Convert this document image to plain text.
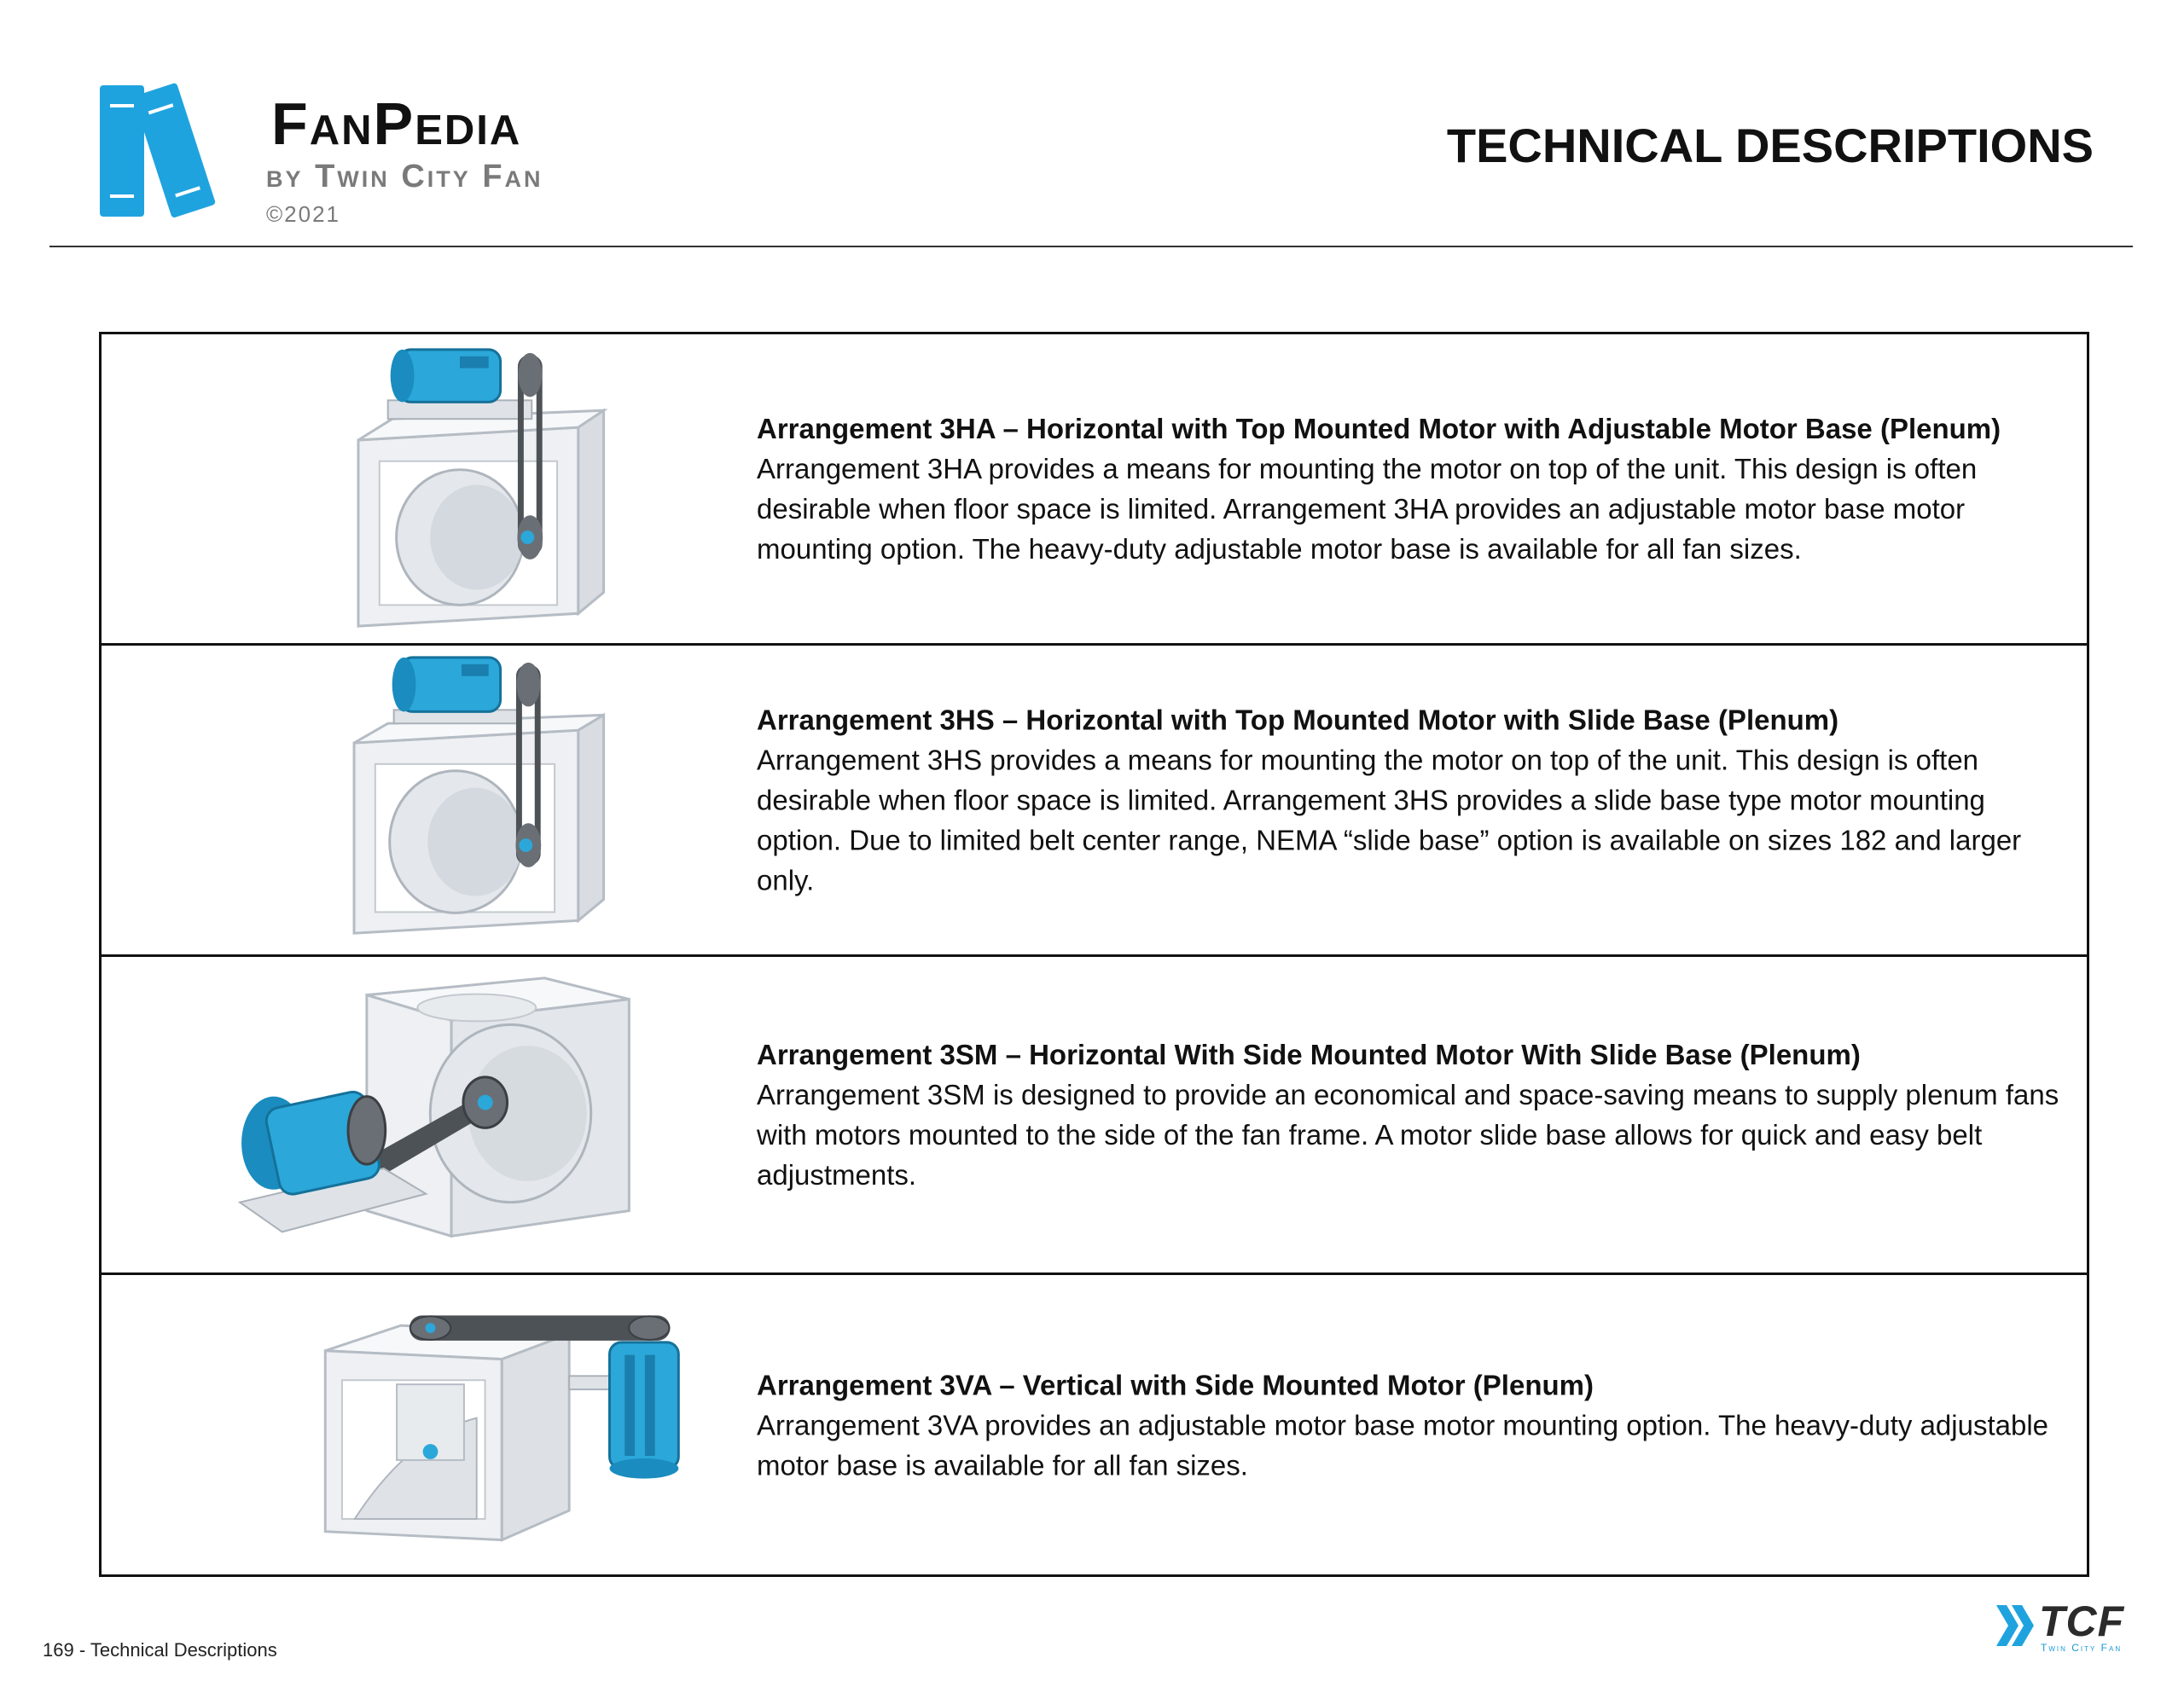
FanPedia
by Twin City Fan
©2021
TECHNICAL DESCRIPTIONS
Arrangement 3HA – Horizontal with Top Mounted Motor with Adjustable Motor Base (Plenum)
Arrangement 3HA provides a means for mounting the motor on top of the unit. This design is often desirable when floor space is limited. Arrangement 3HA provides an adjustable motor base motor mounting option. The heavy-duty adjustable motor base is available for all fan sizes.
Arrangement 3HS – Horizontal with Top Mounted Motor with Slide Base (Plenum)
Arrangement 3HS provides a means for mounting the motor on top of the unit. This design is often desirable when floor space is limited. Arrangement 3HS provides a slide base type motor mounting option. Due to limited belt center range, NEMA “slide base” option is available on sizes 182 and larger only.
Arrangement 3SM – Horizontal With Side Mounted Motor With Slide Base (Plenum)
Arrangement 3SM is designed to provide an economical and space-saving means to supply plenum fans with motors mounted to the side of the fan frame. A motor slide base allows for quick and easy belt adjustments.
Arrangement 3VA – Vertical with Side Mounted Motor (Plenum)
Arrangement 3VA provides an adjustable motor base motor mounting option. The heavy-duty adjustable motor base is available for all fan sizes.
169 - Technical Descriptions
TCF
Twin City Fan
